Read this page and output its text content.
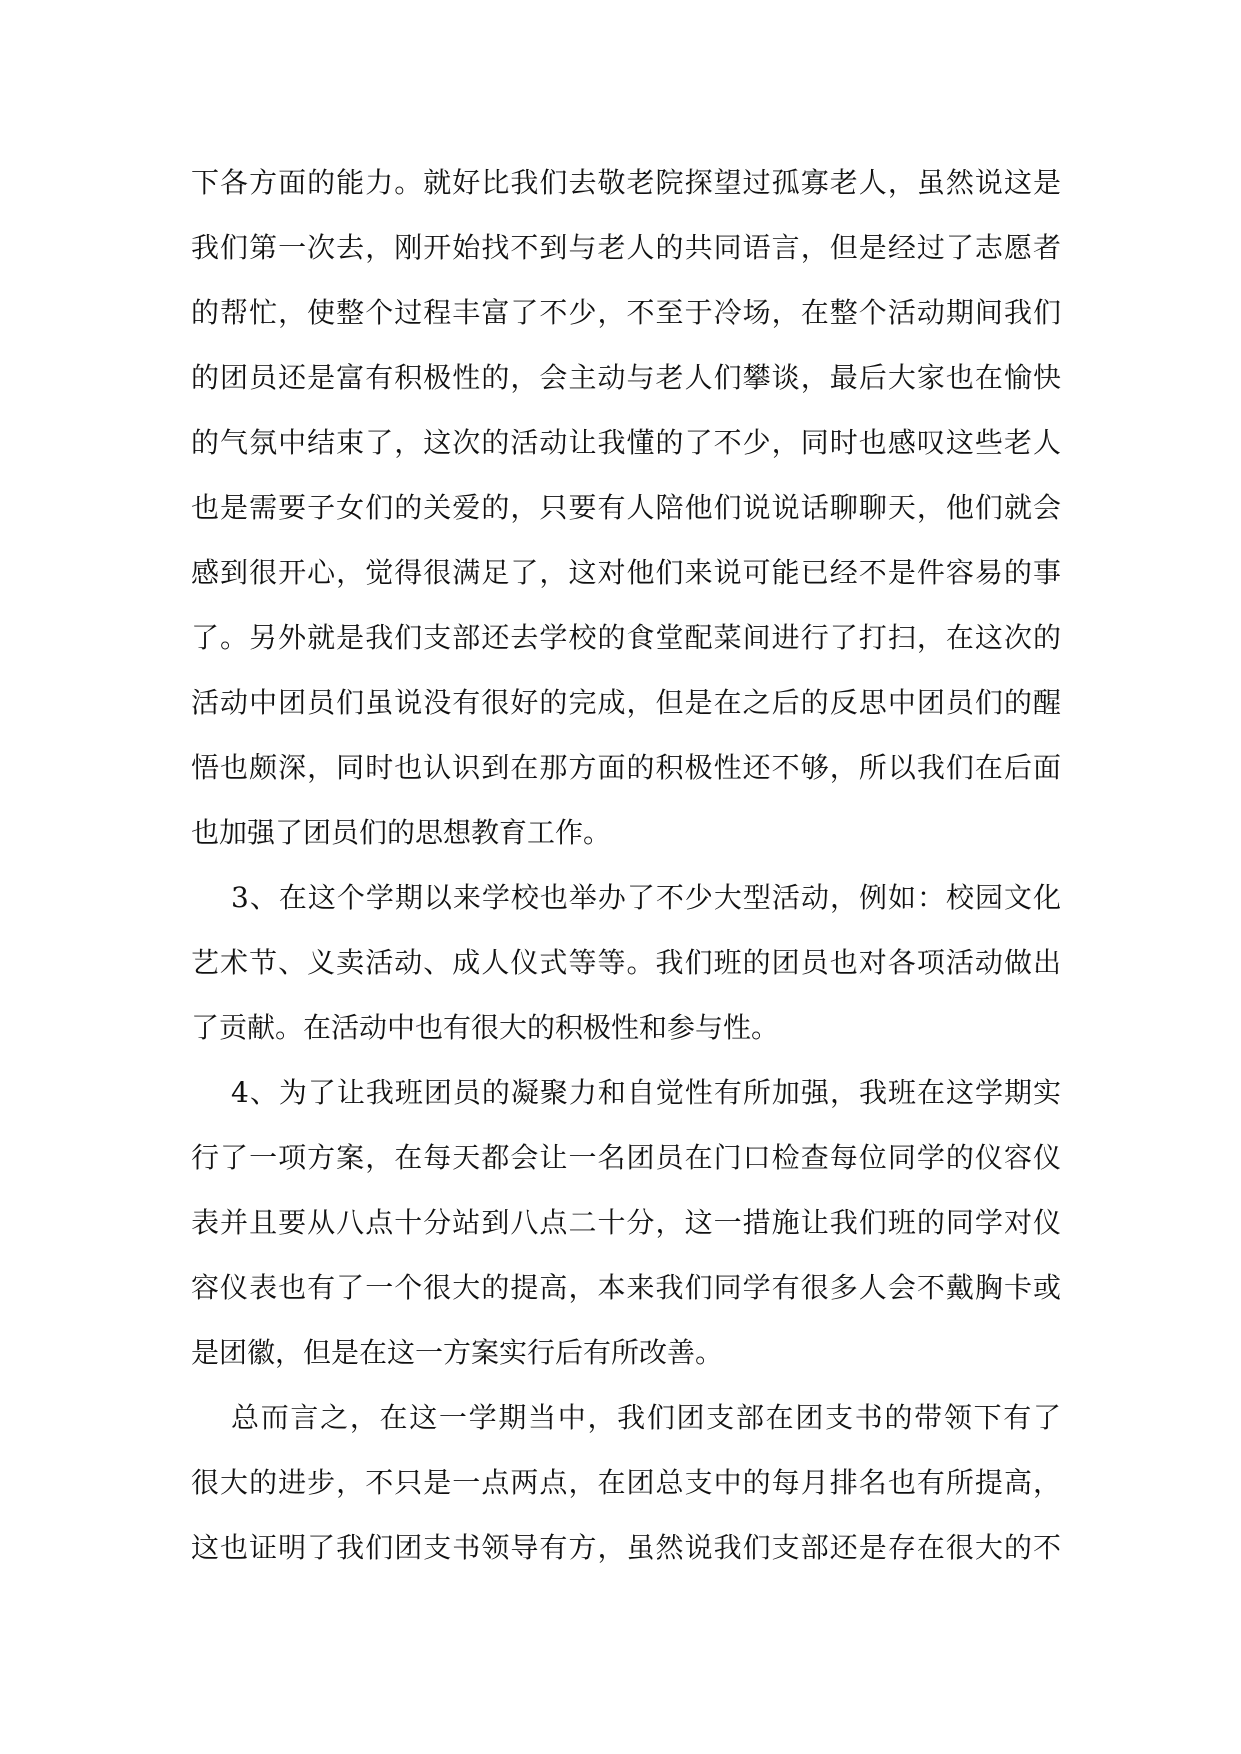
下各方面的能力。就好比我们去敬老院探望过孤寡老人，虽然说这是
我们第一次去，刚开始找不到与老人的共同语言，但是经过了志愿者
的帮忙，使整个过程丰富了不少，不至于冷场，在整个活动期间我们
的团员还是富有积极性的，会主动与老人们攀谈，最后大家也在愉快
的气氛中结束了，这次的活动让我懂的了不少，同时也感叹这些老人
也是需要子女们的关爱的，只要有人陪他们说说话聊聊天，他们就会
感到很开心，觉得很满足了，这对他们来说可能已经不是件容易的事
了。另外就是我们支部还去学校的食堂配菜间进行了打扫，在这次的
活动中团员们虽说没有很好的完成，但是在之后的反思中团员们的醒
悟也颇深，同时也认识到在那方面的积极性还不够，所以我们在后面
也加强了团员们的思想教育工作。
3、在这个学期以来学校也举办了不少大型活动，例如：校园文化
艺术节、义卖活动、成人仪式等等。我们班的团员也对各项活动做出
了贡献。在活动中也有很大的积极性和参与性。
4、为了让我班团员的凝聚力和自觉性有所加强，我班在这学期实
行了一项方案，在每天都会让一名团员在门口检查每位同学的仪容仪
表并且要从八点十分站到八点二十分，这一措施让我们班的同学对仪
容仪表也有了一个很大的提高，本来我们同学有很多人会不戴胸卡或
是团徽，但是在这一方案实行后有所改善。
总而言之，在这一学期当中，我们团支部在团支书的带领下有了
很大的进步，不只是一点两点，在团总支中的每月排名也有所提高，
这也证明了我们团支书领导有方，虽然说我们支部还是存在很大的不
